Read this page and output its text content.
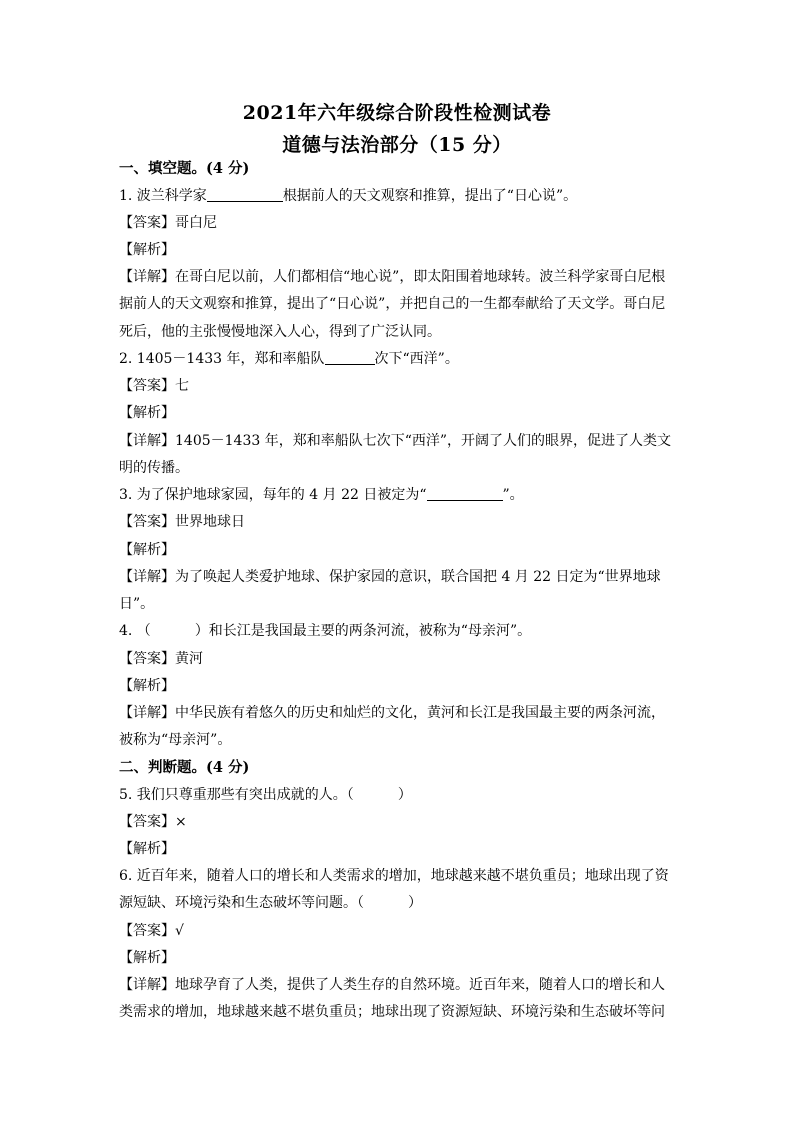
2021年六年级综合阶段性检测试卷
道德与法治部分（15 分）
一、填空题。(4 分)
1. 波兰科学家	根据前人的天文观察和推算，提出了“日心说”。
【答案】哥白尼
【解析】
【详解】在哥白尼以前，人们都相信“地心说”，即太阳围着地球转。波兰科学家哥白尼根
据前人的天文观察和推算，提出了“日心说”，并把自己的一生都奉献给了天文学。哥白尼
死后，他的主张慢慢地深入人心，得到了广泛认同。
2. 1405－1433 年，郑和率船队	次下“西洋”。
【答案】七
【解析】
【详解】1405－1433 年，郑和率船队七次下“西洋”，开阔了人们的眼界，促进了人类文
明的传播。
3. 为了保护地球家园，每年的 4 月 22 日被定为“	”。
【答案】世界地球日
【解析】
【详解】为了唤起人类爱护地球、保护家园的意识，联合国把 4 月 22 日定为“世界地球
日”。
4. （	）和长江是我国最主要的两条河流，被称为“母亲河”。
【答案】黄河
【解析】
【详解】中华民族有着悠久的历史和灿烂的文化，黄河和长江是我国最主要的两条河流，
被称为“母亲河”。
二、判断题。(4 分)
5. 我们只尊重那些有突出成就的人。（	）
【答案】×
【解析】
6. 近百年来，随着人口的增长和人类需求的增加，地球越来越不堪负重员；地球出现了资
源短缺、环境污染和生态破坏等问题。（	）
【答案】√
【解析】
【详解】地球孕育了人类，提供了人类生存的自然环境。近百年来，随着人口的增长和人
类需求的增加，地球越来越不堪负重员；地球出现了资源短缺、环境污染和生态破坏等问
